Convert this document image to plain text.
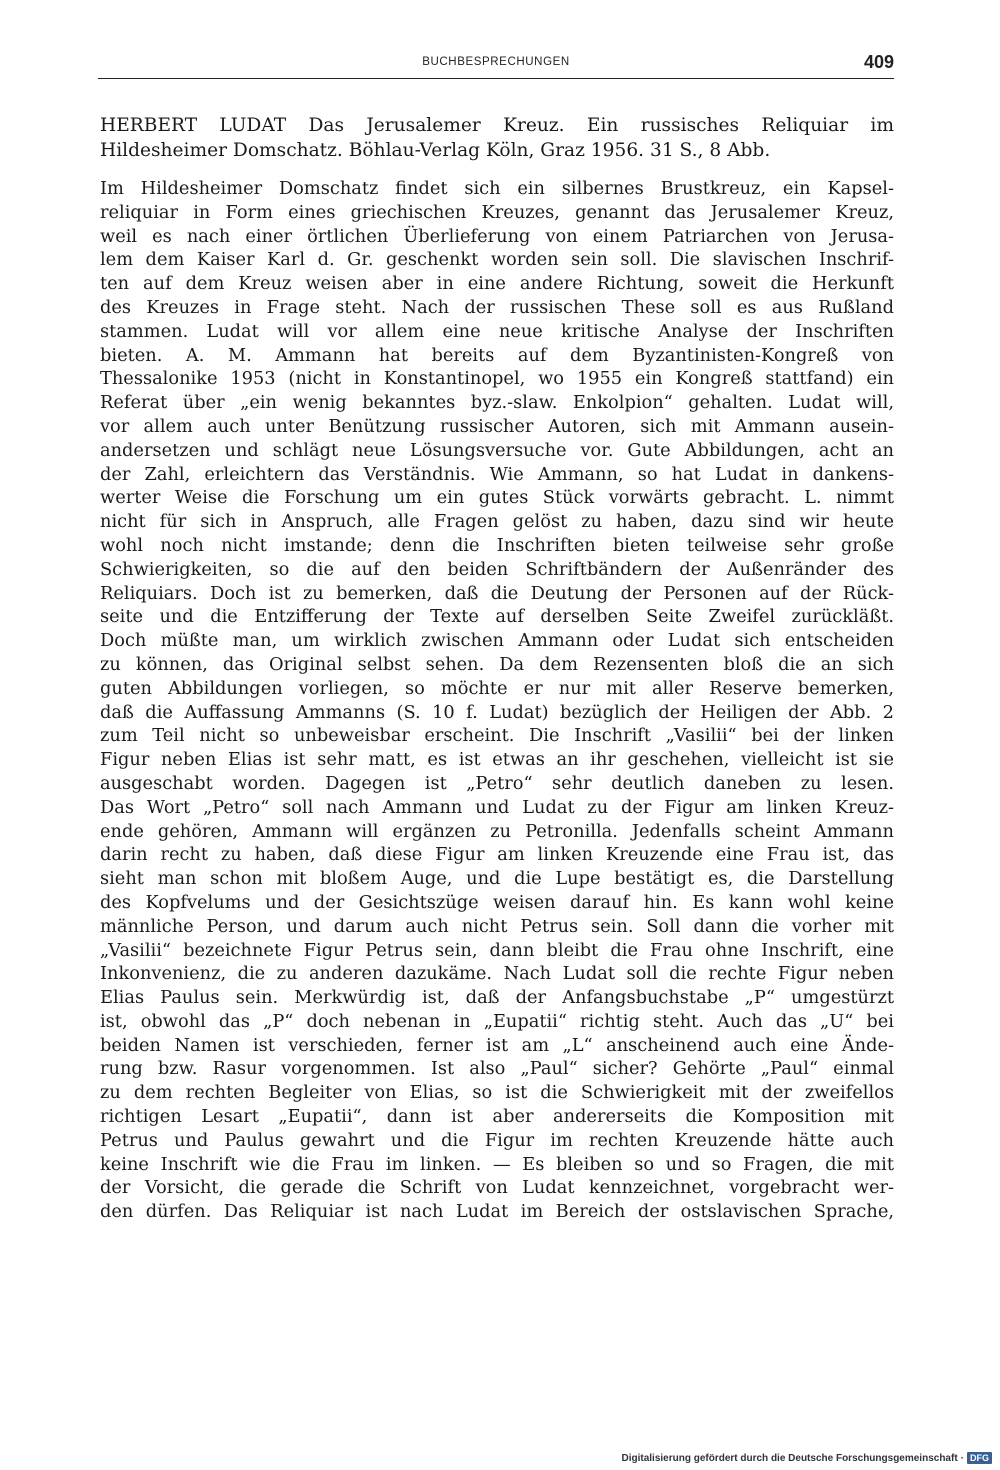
BUCHBESPRECHUNGEN	409
HERBERT LUDAT Das Jerusalemer Kreuz. Ein russisches Reliquiar im Hildesheimer Domschatz. Böhlau-Verlag Köln, Graz 1956. 31 S., 8 Abb.
Im Hildesheimer Domschatz findet sich ein silbernes Brustkreuz, ein Kapsel-
reliquiar in Form eines griechischen Kreuzes, genannt das Jerusalemer Kreuz,
weil es nach einer örtlichen Überlieferung von einem Patriarchen von Jerusa-
lem dem Kaiser Karl d. Gr. geschenkt worden sein soll. Die slavischen Inschrif-
ten auf dem Kreuz weisen aber in eine andere Richtung, soweit die Herkunft
des Kreuzes in Frage steht. Nach der russischen These soll es aus Rußland
stammen. Ludat will vor allem eine neue kritische Analyse der Inschriften
bieten. A. M. Ammann hat bereits auf dem Byzantinisten-Kongreß von
Thessalonike 1953 (nicht in Konstantinopel, wo 1955 ein Kongreß stattfand) ein
Referat über „ein wenig bekanntes byz.-slaw. Enkolpion“ gehalten. Ludat will,
vor allem auch unter Benützung russischer Autoren, sich mit Ammann ausein-
andersetzen und schlägt neue Lösungsversuche vor. Gute Abbildungen, acht an
der Zahl, erleichtern das Verständnis. Wie Ammann, so hat Ludat in dankens-
werter Weise die Forschung um ein gutes Stück vorwärts gebracht. L. nimmt
nicht für sich in Anspruch, alle Fragen gelöst zu haben, dazu sind wir heute
wohl noch nicht imstande; denn die Inschriften bieten teilweise sehr große
Schwierigkeiten, so die auf den beiden Schriftbändern der Außenränder des
Reliquiars. Doch ist zu bemerken, daß die Deutung der Personen auf der Rück-
seite und die Entzifferung der Texte auf derselben Seite Zweifel zurückläßt.
Doch müßte man, um wirklich zwischen Ammann oder Ludat sich entscheiden
zu können, das Original selbst sehen. Da dem Rezensenten bloß die an sich
guten Abbildungen vorliegen, so möchte er nur mit aller Reserve bemerken,
daß die Auffassung Ammanns (S. 10 f. Ludat) bezüglich der Heiligen der Abb. 2
zum Teil nicht so unbeweisbar erscheint. Die Inschrift „Vasilii“ bei der linken
Figur neben Elias ist sehr matt, es ist etwas an ihr geschehen, vielleicht ist sie
ausgeschabt worden. Dagegen ist „Petro“ sehr deutlich daneben zu lesen.
Das Wort „Petro“ soll nach Ammann und Ludat zu der Figur am linken Kreuz-
ende gehören, Ammann will ergänzen zu Petronilla. Jedenfalls scheint Ammann
darin recht zu haben, daß diese Figur am linken Kreuzende eine Frau ist, das
sieht man schon mit bloßem Auge, und die Lupe bestätigt es, die Darstellung
des Kopfvelums und der Gesichtszüge weisen darauf hin. Es kann wohl keine
männliche Person, und darum auch nicht Petrus sein. Soll dann die vorher mit
„Vasilii“ bezeichnete Figur Petrus sein, dann bleibt die Frau ohne Inschrift, eine
Inkonvenienz, die zu anderen dazukäme. Nach Ludat soll die rechte Figur neben
Elias Paulus sein. Merkwürdig ist, daß der Anfangsbuchstabe „P“ umgestürzt
ist, obwohl das „P“ doch nebenan in „Eupatii“ richtig steht. Auch das „U“ bei
beiden Namen ist verschieden, ferner ist am „L“ anscheinend auch eine Ände-
rung bzw. Rasur vorgenommen. Ist also „Paul“ sicher? Gehörte „Paul“ einmal
zu dem rechten Begleiter von Elias, so ist die Schwierigkeit mit der zweifellos
richtigen Lesart „Eupatii“, dann ist aber andererseits die Komposition mit
Petrus und Paulus gewahrt und die Figur im rechten Kreuzende hätte auch
keine Inschrift wie die Frau im linken. — Es bleiben so und so Fragen, die mit
der Vorsicht, die gerade die Schrift von Ludat kennzeichnet, vorgebracht wer-
den dürfen. Das Reliquiar ist nach Ludat im Bereich der ostslavischen Sprache,
Digitalisierung gefördert durch die Deutsche Forschungsgemeinschaft · DFG
